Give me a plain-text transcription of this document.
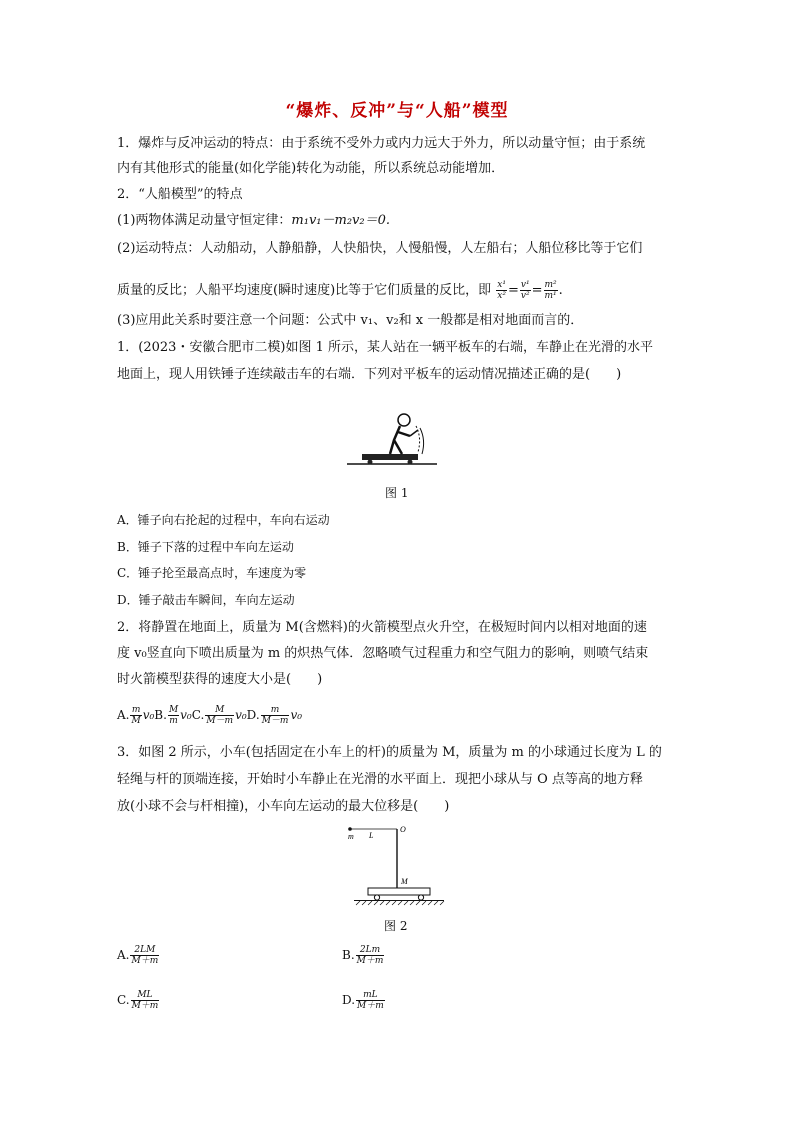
“爆炸、反冲”与“人船”模型
1．爆炸与反冲运动的特点：由于系统不受外力或内力远大于外力，所以动量守恒；由于系统
内有其他形式的能量(如化学能)转化为动能，所以系统总动能增加．
2．“人船模型”的特点
(1)两物体满足动量守恒定律：m₁v₁－m₂v₂＝0.
(2)运动特点：人动船动，人静船静，人快船快，人慢船慢，人左船右；人船位移比等于它们
质量的反比；人船平均速度(瞬时速度)比等于它们质量的反比，即 $\frac{\text{x¹}}{\text{x²}} = \frac{\text{v¹}}{\text{v²}} = \frac{\text{m²}}{\text{m¹}}$ .
(3)应用此关系时要注意一个问题：公式中 v₁、v₂和 x 一般都是相对地面而言的．
1．(2023・安徽合肥市二模)如图 1 所示，某人站在一辆平板车的右端，车静止在光滑的水平
地面上，现人用铁锤子连续敲击车的右端．下列对平板车的运动情况描述正确的是(　　)
图 1
A．锤子向右抡起的过程中，车向右运动
B．锤子下落的过程中车向左运动
C．锤子抡至最高点时，车速度为零
D．锤子敲击车瞬间，车向左运动
2．将静置在地面上，质量为 M(含燃料)的火箭模型点火升空，在极短时间内以相对地面的速
度 v₀竖直向下喷出质量为 m 的炽热气体．忽略喷气过程重力和空气阻力的影响，则喷气结束
时火箭模型获得的速度大小是(　　)
A. $\frac{m}{M} v_0B$. $\frac{M}{m} v_0C$. $\frac{M}{M-m} v_0D$. $\frac{m}{M-m} v_0$
3．如图 2 所示，小车(包括固定在小车上的杆)的质量为 M，质量为 m 的小球通过长度为 L 的
轻绳与杆的顶端连接，开始时小车静止在光滑的水平面上．现把小球从与 O 点等高的地方释
放(小球不会与杆相撞)，小车向左运动的最大位移是(　　)
m L
O
M
图 2
A. $\frac{2LM}{M+m}$	B. $\frac{2Lm}{M+m}$
C. $\frac{ML}{M+m}$	D. $\frac{mL}{M+m}$
